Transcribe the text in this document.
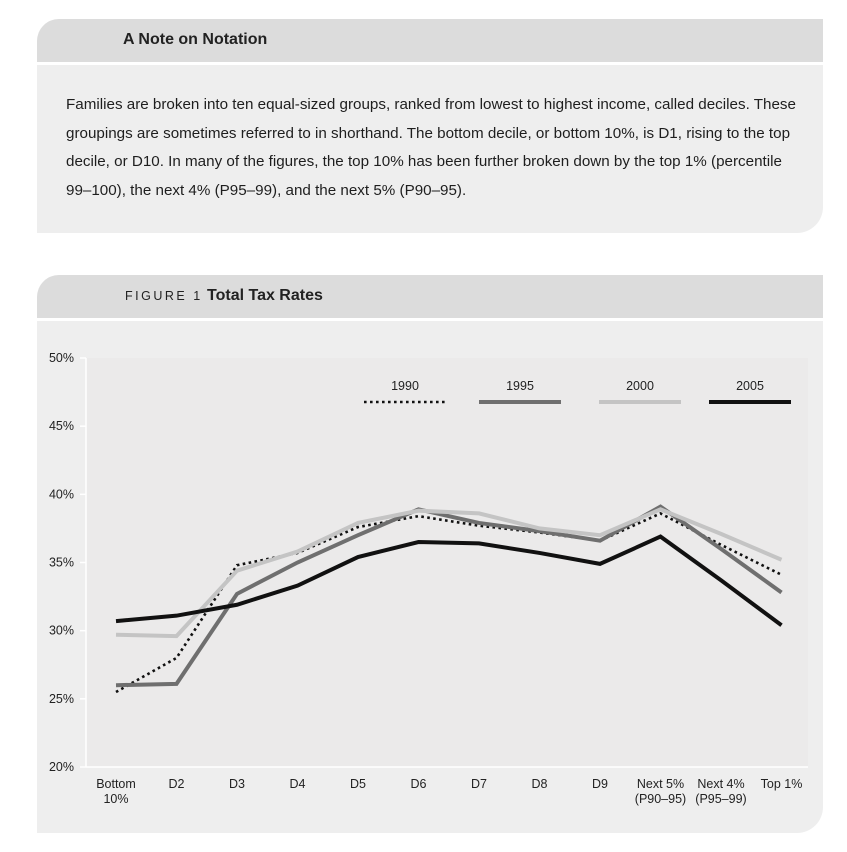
A Note on Notation
Families are broken into ten equal-sized groups, ranked from lowest to highest income, called deciles. These groupings are sometimes referred to in shorthand. The bottom decile, or bottom 10%, is D1, rising to the top decile, or D10. In many of the figures, the top 10% has been further broken down by the top 1% (percentile 99–100), the next 4% (P95–99), and the next 5% (P90–95).
FIGURE 1 Total Tax Rates
20%
25%
30%
35%
40%
45%
50%
Bottom 10%
D2	D3	D4	D5	D6	D7	D8	D9 Next 5% (P90–95)
Next 4% (P95–99)
Top 1%
1990	1995	2000	2005
